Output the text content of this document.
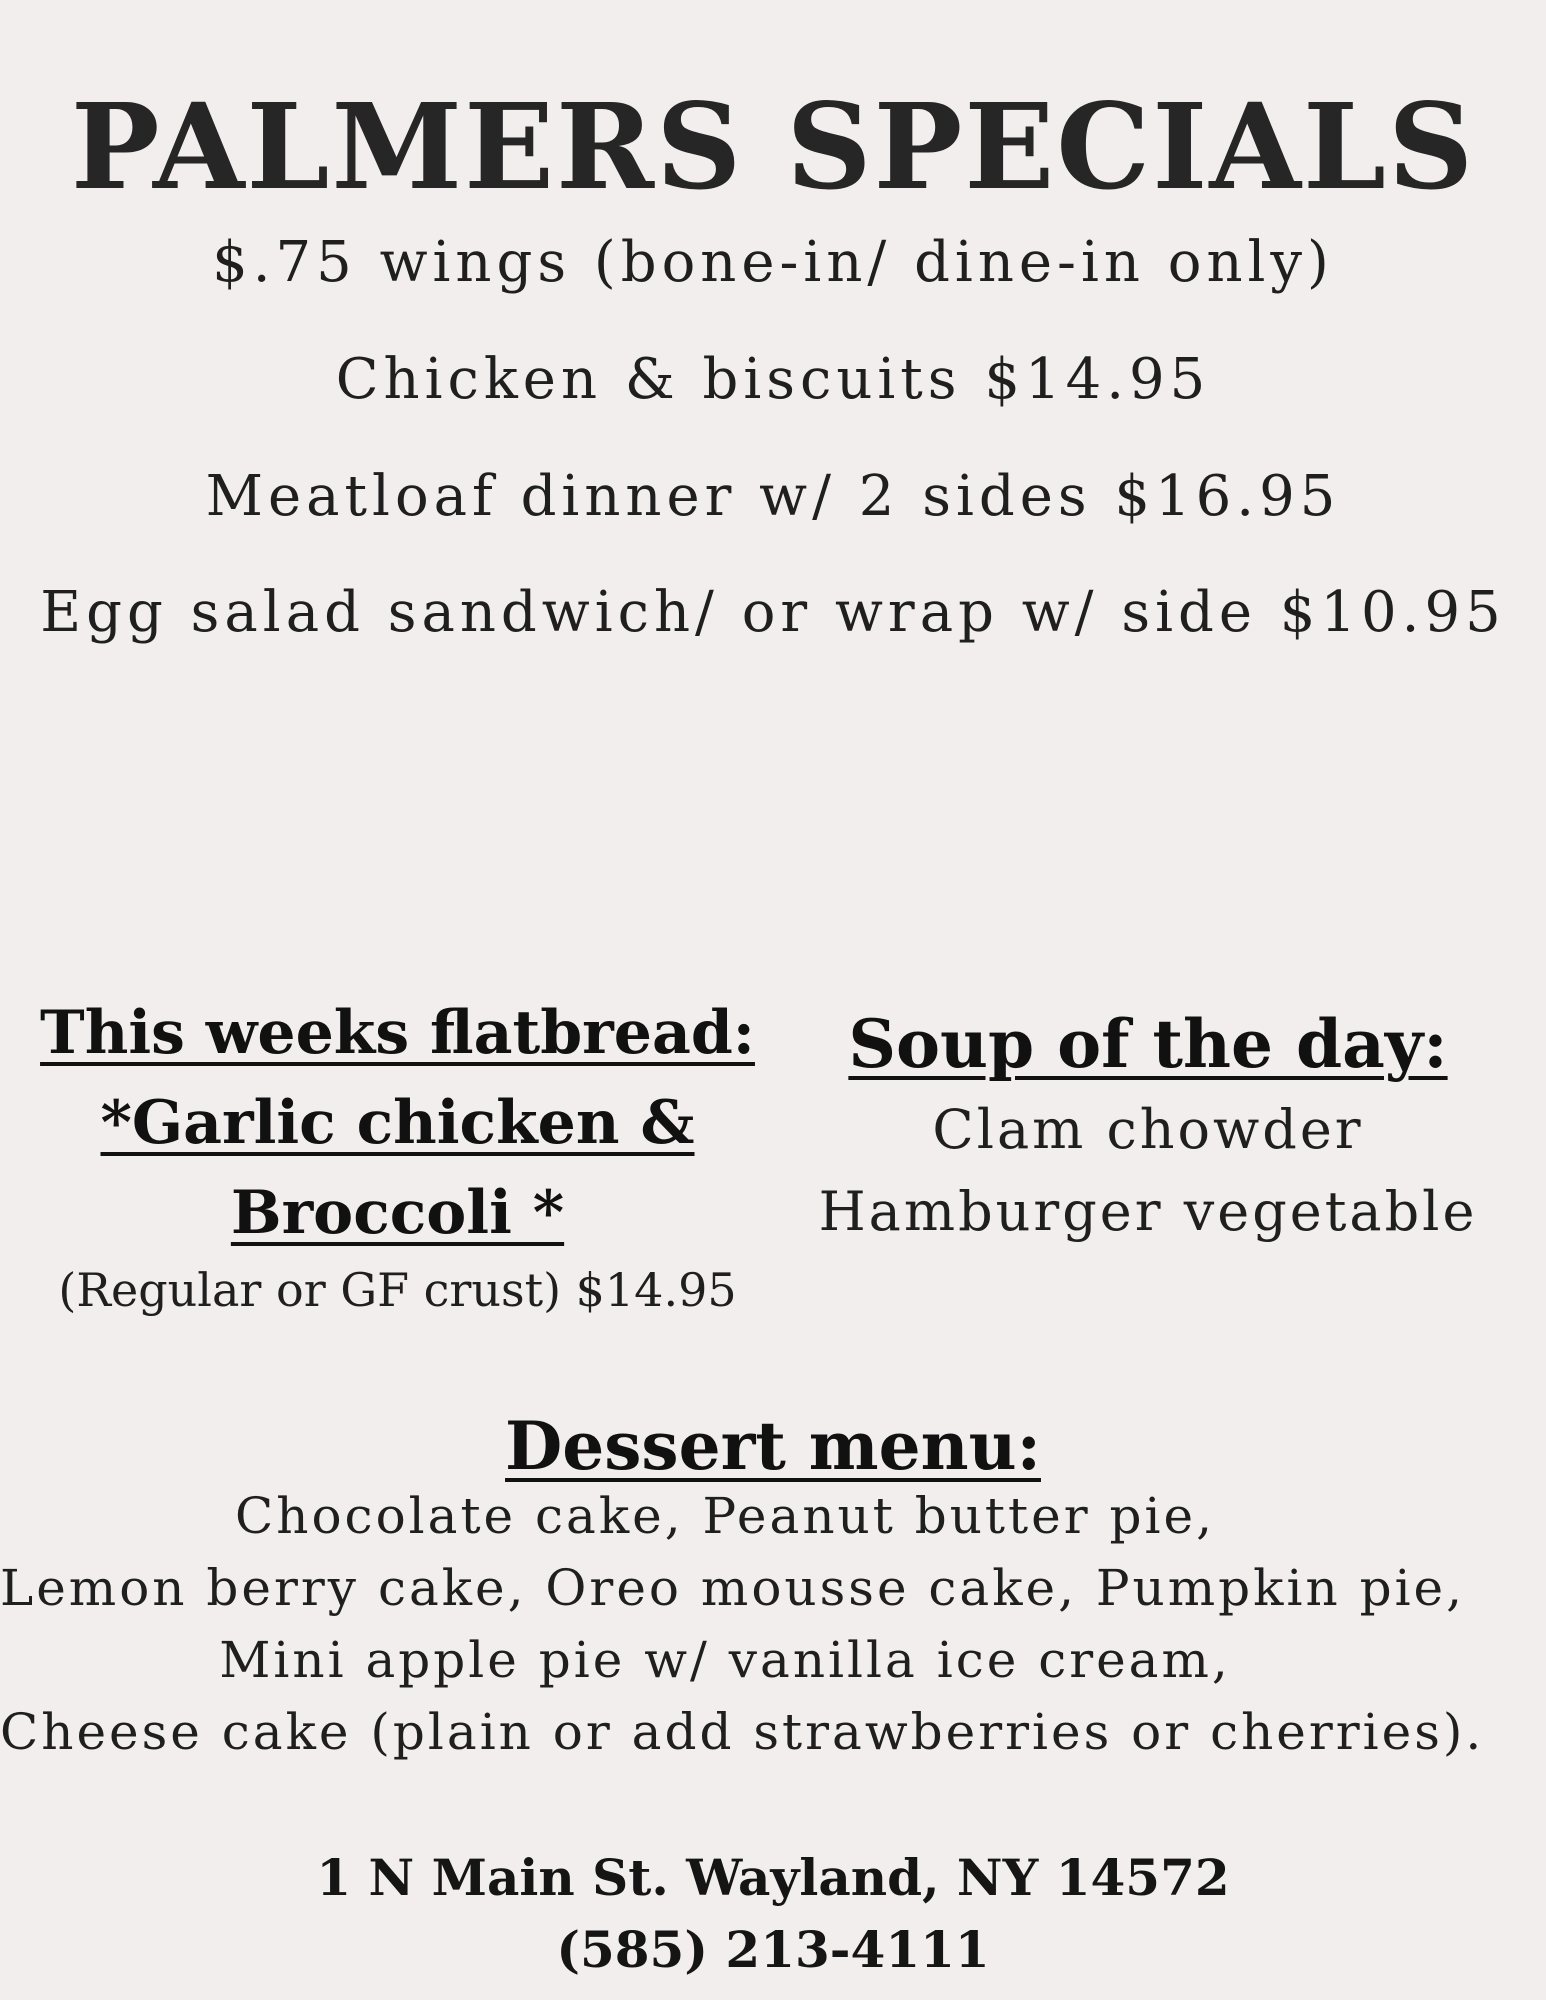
PALMERS SPECIALS

$.75 wings (bone-in/ dine-in only)

Chicken & biscuits $14.95

Meatloaf dinner w/ 2 sides $16.95

Egg salad sandwich/ or wrap w/ side $10.95

This weeks flatbread:

*Garlic chicken &

Broccoli *

(Regular or GF crust) $14.95

Soup of the day:

Clam chowder

Hamburger vegetable

Dessert menu:

Chocolate cake, Peanut butter pie,

Lemon berry cake, Oreo mousse cake, Pumpkin pie,

Mini apple pie w/ vanilla ice cream,

Cheese cake (plain or add strawberries or cherries).

1 N Main St. Wayland, NY 14572

(585) 213-4111
